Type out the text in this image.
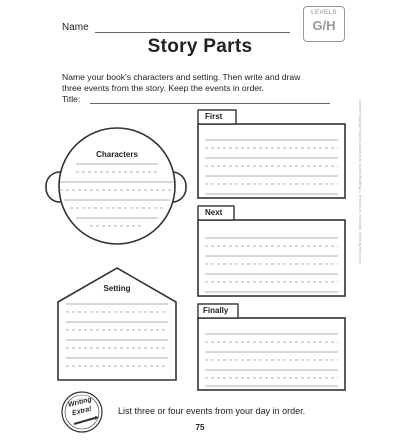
Name
LEVELS
G/H
Story Parts
Name your book's characters and setting. Then write and draw three events from the story. Keep the events in order.
Title:
Leveled Reading Response Activities for Guided Reading © Brenda Lee, Scholastic Teaching Resources
Characters
Setting
First
Next
Finally
Writing
Extra!	List three or four events from your day in order.
75
